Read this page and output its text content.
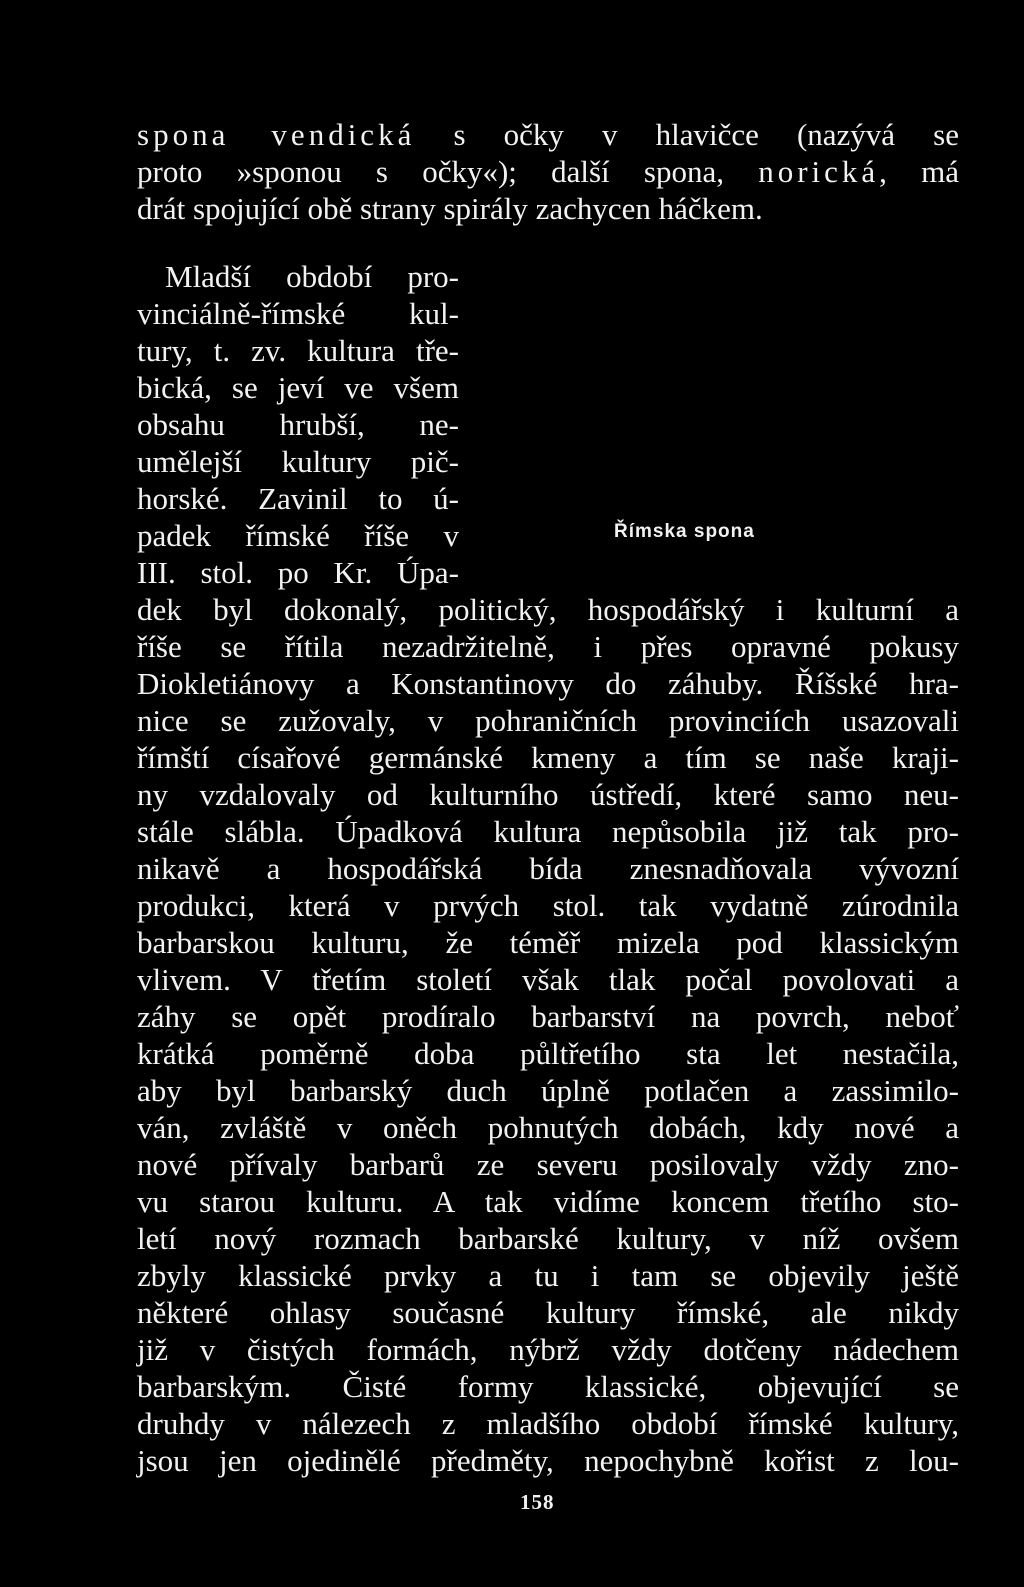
spona vendická s očky v hlavičce (nazývá se
proto »sponou s očky«); další spona, norická, má
drát spojující obě strany spirály zachycen háčkem.
Mladší období pro-
vinciálně-římské kul-
tury, t. zv. kultura tře-
bická, se jeví ve všem
obsahu hrubší, ne-
umělejší kultury pič-
horské. Zavinil to ú-
padek římské říše v
III. stol. po Kr. Úpa-
Římska spona
dek byl dokonalý, politický, hospodářský i kulturní a
říše se řítila nezadržitelně, i přes opravné pokusy
Diokletiánovy a Konstantinovy do záhuby. Říšské hra-
nice se zužovaly, v pohraničních provinciích usazovali
římští císařové germánské kmeny a tím se naše kraji-
ny vzdalovaly od kulturního ústředí, které samo neu-
stále slábla. Úpadková kultura nepůsobila již tak pro-
nikavě a hospodářská bída znesnadňovala vývozní
produkci, která v prvých stol. tak vydatně zúrodnila
barbarskou kulturu, že téměř mizela pod klassickým
vlivem. V třetím století však tlak počal povolovati a
záhy se opět prodíralo barbarství na povrch, neboť
krátká poměrně doba půltřetího sta let nestačila,
aby byl barbarský duch úplně potlačen a zassimilo-
ván, zvláště v oněch pohnutých dobách, kdy nové a
nové přívaly barbarů ze severu posilovaly vždy zno-
vu starou kulturu. A tak vidíme koncem třetího sto-
letí nový rozmach barbarské kultury, v níž ovšem
zbyly klassické prvky a tu i tam se objevily ještě
některé ohlasy současné kultury římské, ale nikdy
již v čistých formách, nýbrž vždy dotčeny nádechem
barbarským. Čisté formy klassické, objevující se
druhdy v nálezech z mladšího období římské kultury,
jsou jen ojedinělé předměty, nepochybně kořist z lou-
158
